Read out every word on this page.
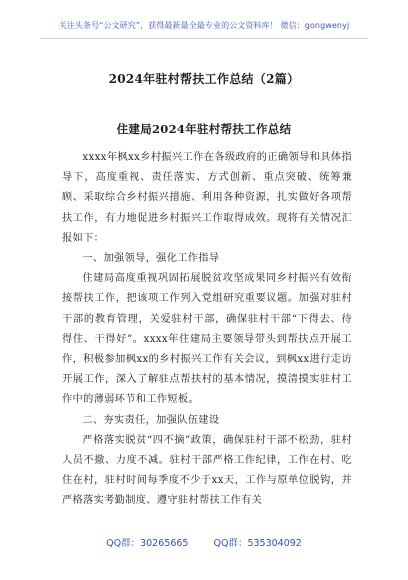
关注头条号“公文研究”，获得最新最全最专业的公文资料库！ 微信：gongwenyj
2024年驻村帮扶工作总结（2篇）
住建局2024年驻村帮扶工作总结

xxxx年枫xx乡村振兴工作在各级政府的正确领导和具体指导下，高度重视、责任落实、方式创新、重点突破、统筹兼顾、采取综合乡村振兴措施、利用各种资源，扎实做好各项帮扶工作，有力地促进乡村振兴工作取得成效。现将有关情况汇报如下：

一、加强领导，强化工作指导

住建局高度重视巩固拓展脱贫攻坚成果同乡村振兴有效衔接帮扶工作，把该项工作列入党组研究重要议题。加强对驻村干部的教育管理，关爱驻村干部，确保驻村干部“下得去、待得住、干得好”。xxxx年住建局主要领导带头到帮扶点开展工作，积极参加枫xx的乡村振兴工作有关会议，到枫xx进行走访开展工作，深入了解驻点帮扶村的基本情况，摸清摸实驻村工作中的薄弱环节和工作短板。

二、夯实责任，加强队伍建设

严格落实脱贫“四不摘”政策，确保驻村干部不松劲，驻村人员不撤、力度不减。驻村干部严格工作纪律，工作在村、吃住在村，驻村时间每季度不少于xx天，工作与原单位脱钩，并严格落实考勤制度、遵守驻村帮扶工作有关

QQ群：30265665	QQ群：535304092
